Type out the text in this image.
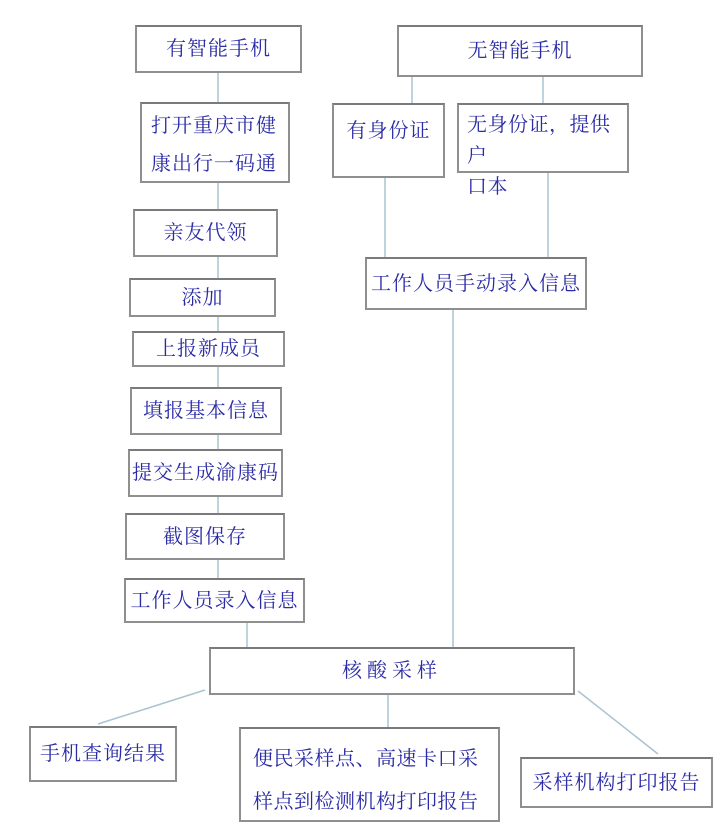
有智能手机
打开重庆市健
康出行一码通
亲友代领
添加
上报新成员
填报基本信息
提交生成渝康码
截图保存
工作人员录入信息
无智能手机
有身份证 无身份证，提供户
口本
工作人员手动录入信息
核酸采样
手机查询结果	便民采样点、高速卡口采
样点到检测机构打印报告
采样机构打印报告
